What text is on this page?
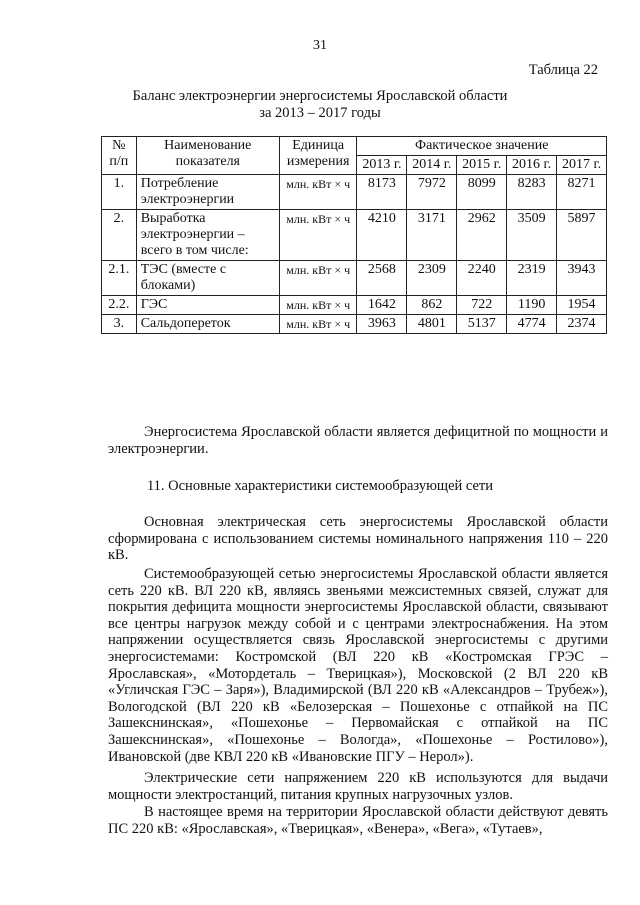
31
Таблица 22
Баланс электроэнергии энергосистемы Ярославской области
за 2013 – 2017 годы
№ п/п	Наименование показателя	Единица измерения	Фактическое значение				
			2013 г.	2014 г.	2015 г.	2016 г.	2017 г.
1.	Потребление электроэнергии	млн. кВт × ч	8173	7972	8099	8283	8271
2.	Выработка электроэнергии – всего в том числе:	млн. кВт × ч	4210	3171	2962	3509	5897
2.1.	ТЭС (вместе с блоками)	млн. кВт × ч	2568	2309	2240	2319	3943
2.2.	ГЭС	млн. кВт × ч	1642	862	722	1190	1954
3.	Сальдопереток	млн. кВт × ч	3963	4801	5137	4774	2374
Энергосистема Ярославской области является дефицитной по мощности и электроэнергии.
11. Основные характеристики системообразующей сети
Основная электрическая сеть энергосистемы Ярославской области сформирована с использованием системы номинального напряжения 110 – 220 кВ.
Системообразующей сетью энергосистемы Ярославской области является сеть 220 кВ. ВЛ 220 кВ, являясь звеньями межсистемных связей, служат для покрытия дефицита мощности энергосистемы Ярославской области, связывают все центры нагрузок между собой и с центрами электроснабжения. На этом напряжении осуществляется связь Ярославской энергосистемы с другими энергосистемами: Костромской (ВЛ 220 кВ «Костромская ГРЭС – Ярославская», «Мотордеталь – Тверицкая»), Московской (2 ВЛ 220 кВ «Угличская ГЭС – Заря»), Владимирской (ВЛ 220 кВ «Александров – Трубеж»), Вологодской (ВЛ 220 кВ «Белозерская – Пошехонье с отпайкой на ПС Зашекснинская», «Пошехонье – Первомайская с отпайкой на ПС Зашекснинская», «Пошехонье – Вологда», «Пошехонье – Ростилово»), Ивановской (две КВЛ 220 кВ «Ивановские ПГУ – Нерол»).
Электрические сети напряжением 220 кВ используются для выдачи мощности электростанций, питания крупных нагрузочных узлов.
В настоящее время на территории Ярославской области действуют девять ПС 220 кВ: «Ярославская», «Тверицкая», «Венера», «Вега», «Тутаев»,
